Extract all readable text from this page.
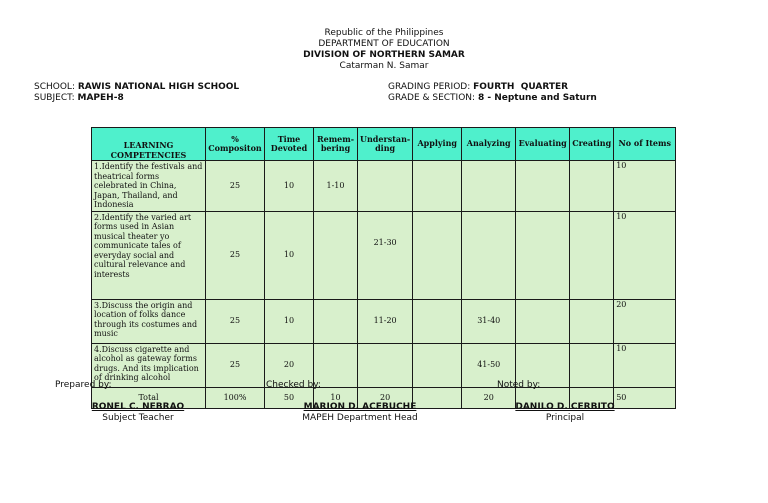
Republic of the Philippines
DEPARTMENT OF EDUCATION
DIVISION OF NORTHERN SAMAR
Catarman N. Samar
SCHOOL: RAWIS NATIONAL HIGH SCHOOL
SUBJECT: MAPEH-8
GRADING PERIOD: FOURTH  QUARTER
GRADE & SECTION: 8 - Neptune and Saturn
LEARNING COMPETENCIES	% Compositon	Time Devoted	Remem-bering	Understan-ding	Applying	Analyzing	Evaluating	Creating	No of Items
1.Identify the festivals and theatrical forms celebrated in China, Japan, Thailand, and Indonesia	25	10	1-10						10
2.Identify the varied art forms used in Asian musical theater yo communicate tales of everyday social and cultural relevance and interests	25	10		21-30					10
3.Discuss the origin and location of folks dance through its costumes and music	25	10		11-20		31-40			20
4.Discuss cigarette and alcohol as gateway forms drugs. And its implication of drinking alcohol	25	20				41-50			10
Total	100%	50	10	20		20			50
Prepared by:	Checked by:	Noted by:
RONEL C. NEBRAO
Subject Teacher
MARION D. ACEBUCHE
MAPEH Department Head
DANILO D. CERBITO
Principal
